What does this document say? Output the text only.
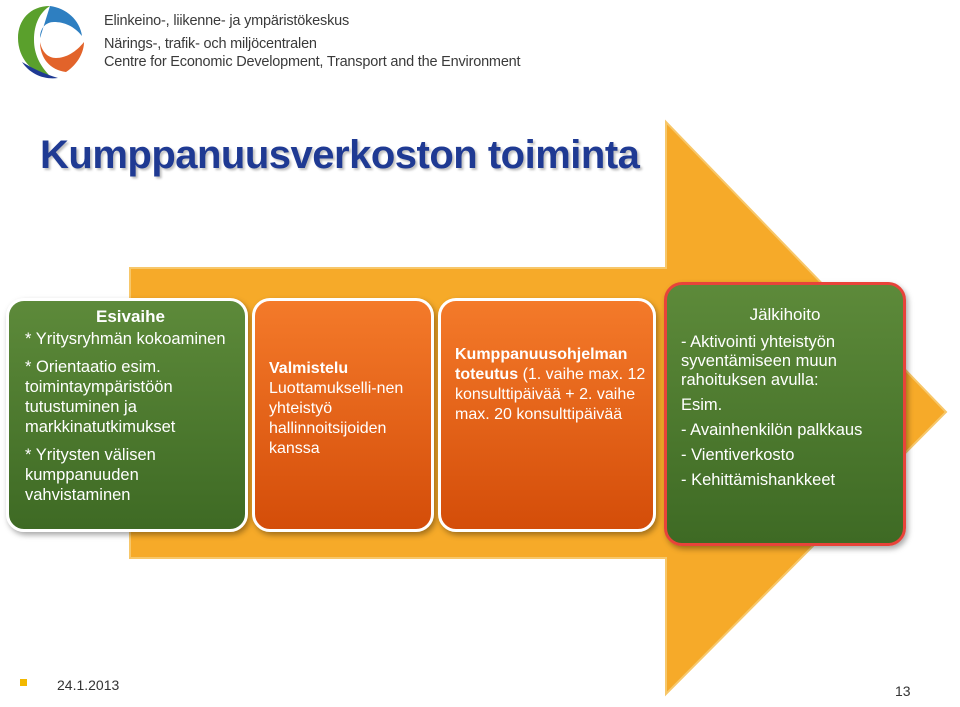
Elinkeino-, liikenne- ja ympäristökeskus
Närings-, trafik- och miljöcentralen
Centre for Economic Development, Transport and the Environment
Kumppanuusverkoston toiminta
Esivaihe
* Yritysryhmän kokoaminen
* Orientaatio esim. toimintaympäristöön tutustuminen ja markkinatutkimukset
* Yritysten välisen kumppanuuden vahvistaminen
Valmistelu
Luottamukselli-nen yhteistyö hallinnoitsijoiden kanssa
Kumppanuusohjelman toteutus (1. vaihe max. 12 konsulttipäivää + 2. vaihe max. 20 konsulttipäivää
Jälkihoito
- Aktivointi yhteistyön syventämiseen muun rahoituksen avulla:
Esim.
- Avainhenkilön palkkaus
- Vientiverkosto
- Kehittämishankkeet
24.1.2013	13
